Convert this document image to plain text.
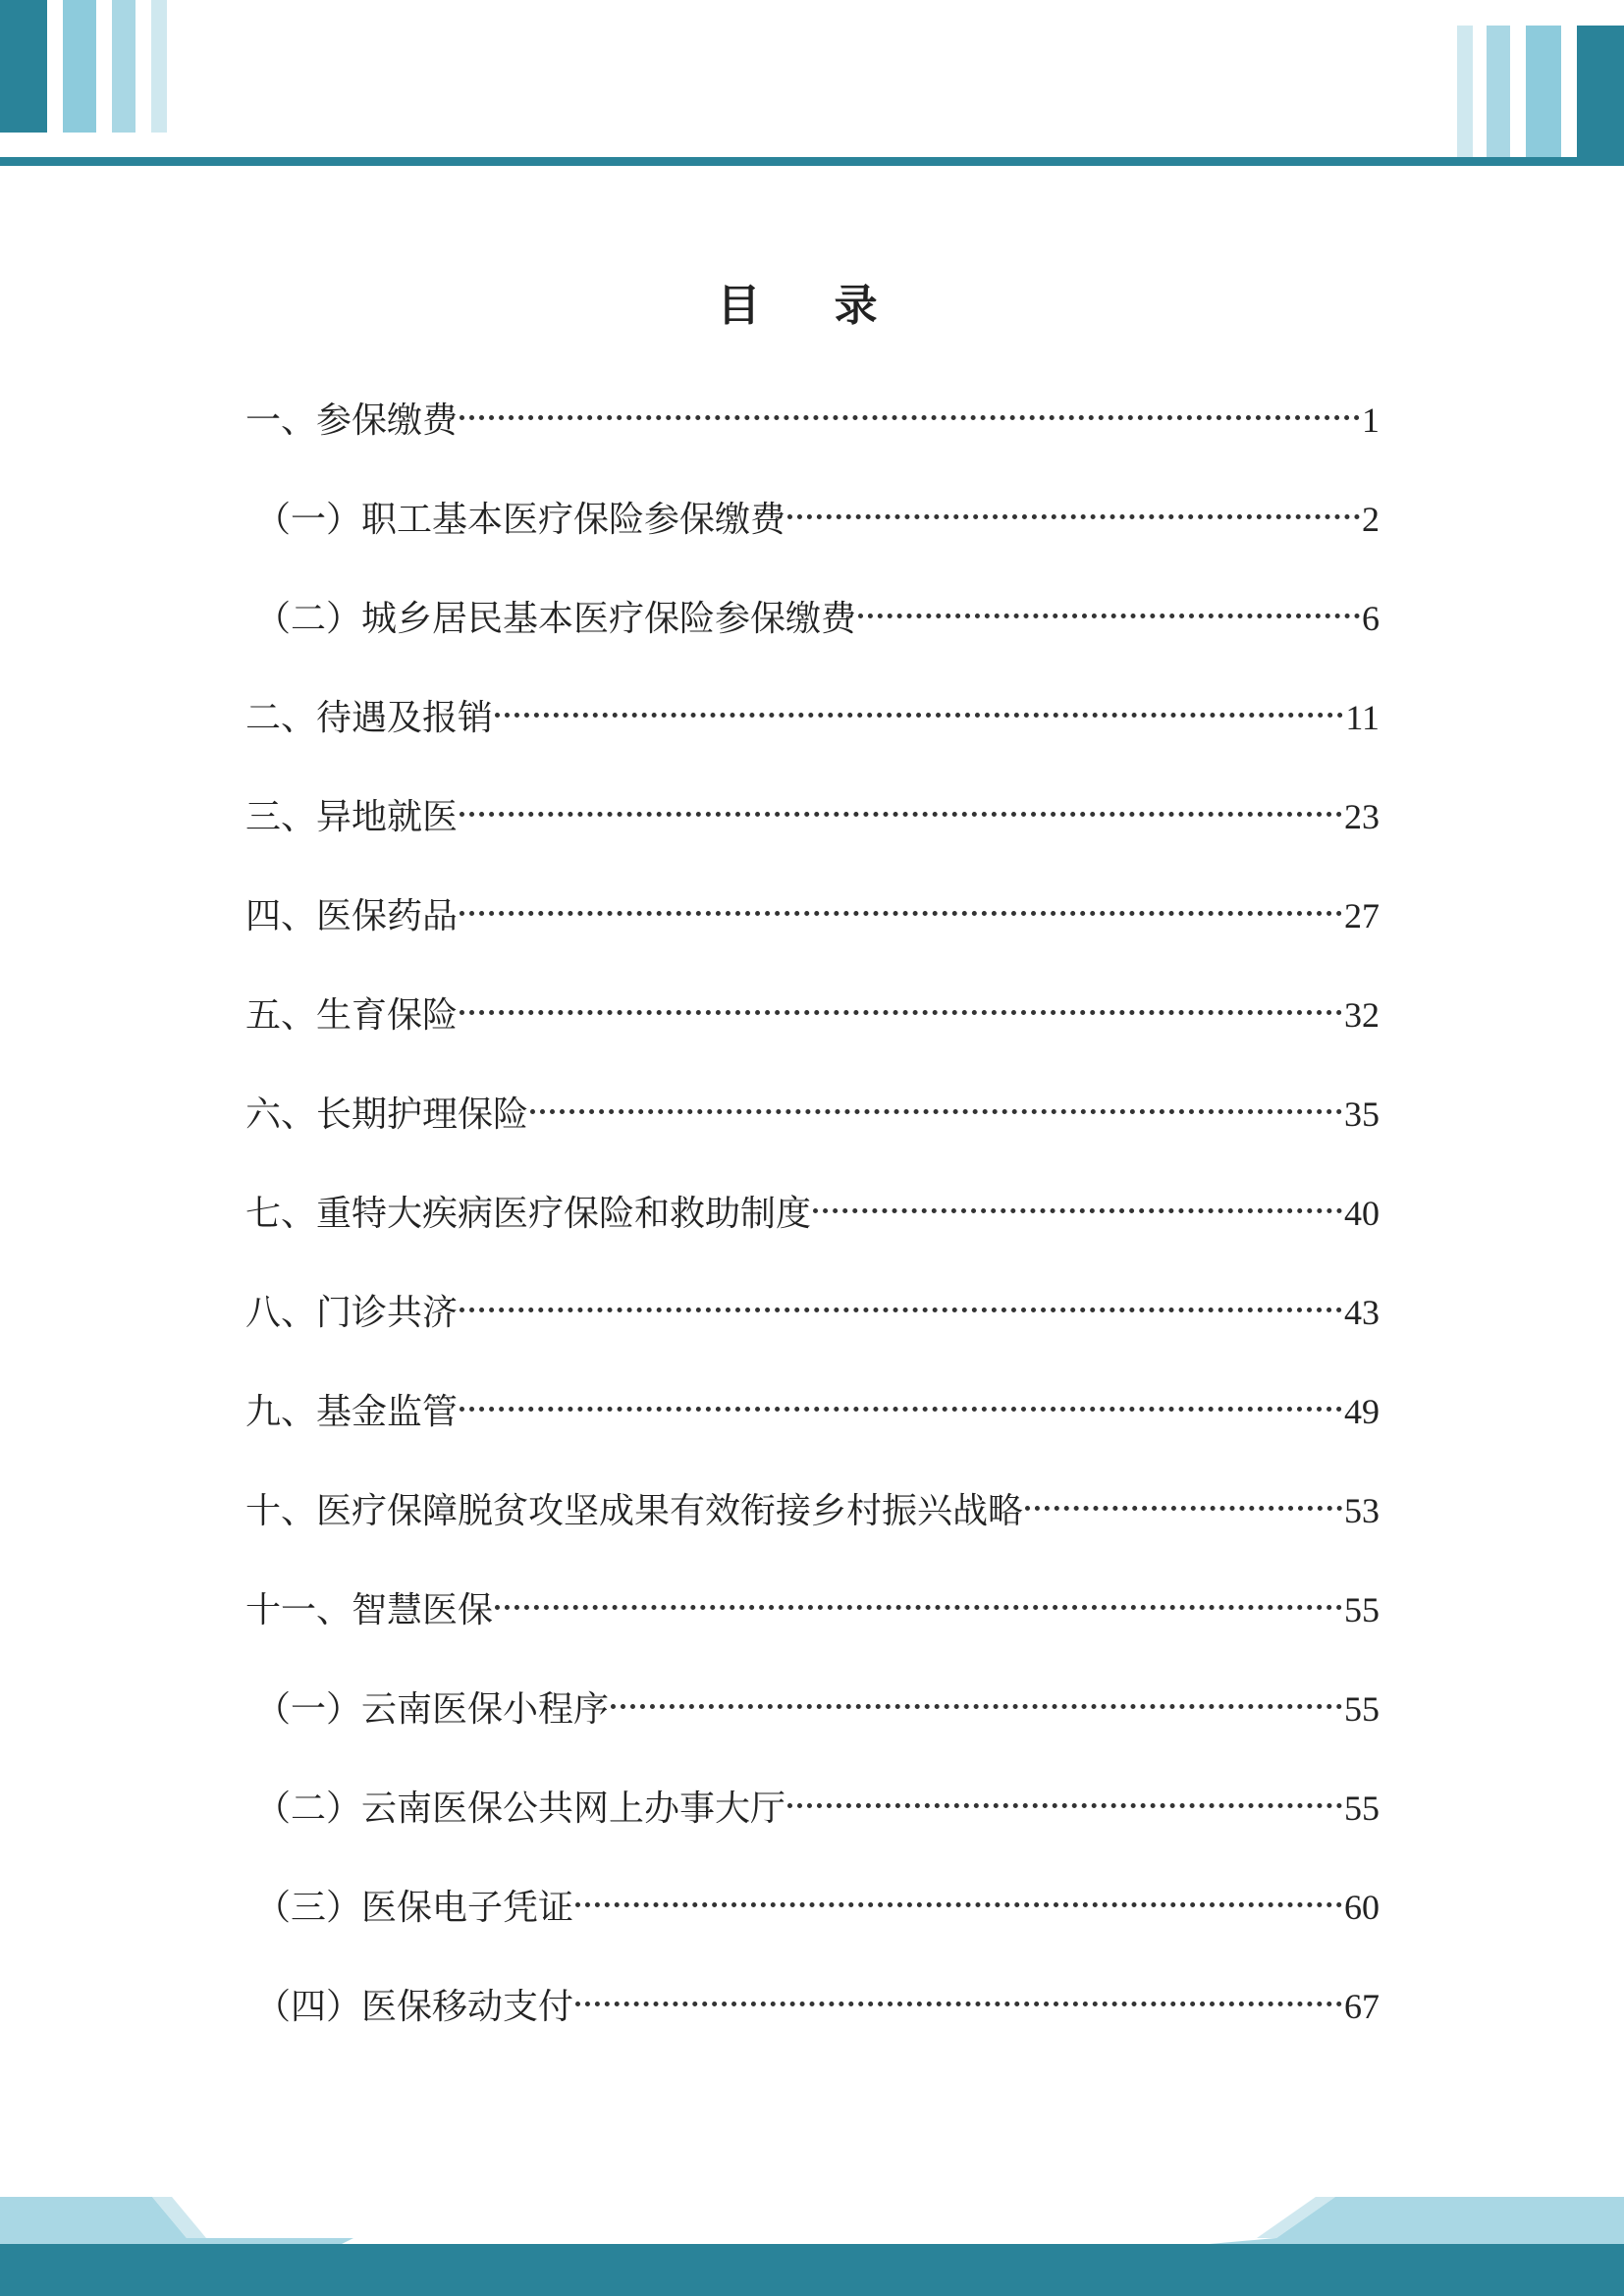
目 录
一、参保缴费	1
（一）职工基本医疗保险参保缴费	2
（二）城乡居民基本医疗保险参保缴费	6
二、待遇及报销	11
三、异地就医	23
四、医保药品	27
五、生育保险	32
六、长期护理保险	35
七、重特大疾病医疗保险和救助制度	40
八、门诊共济	43
九、基金监管	49
十、医疗保障脱贫攻坚成果有效衔接乡村振兴战略	53
十一、智慧医保	55
（一）云南医保小程序	55
（二）云南医保公共网上办事大厅	55
（三）医保电子凭证	60
（四）医保移动支付	67
